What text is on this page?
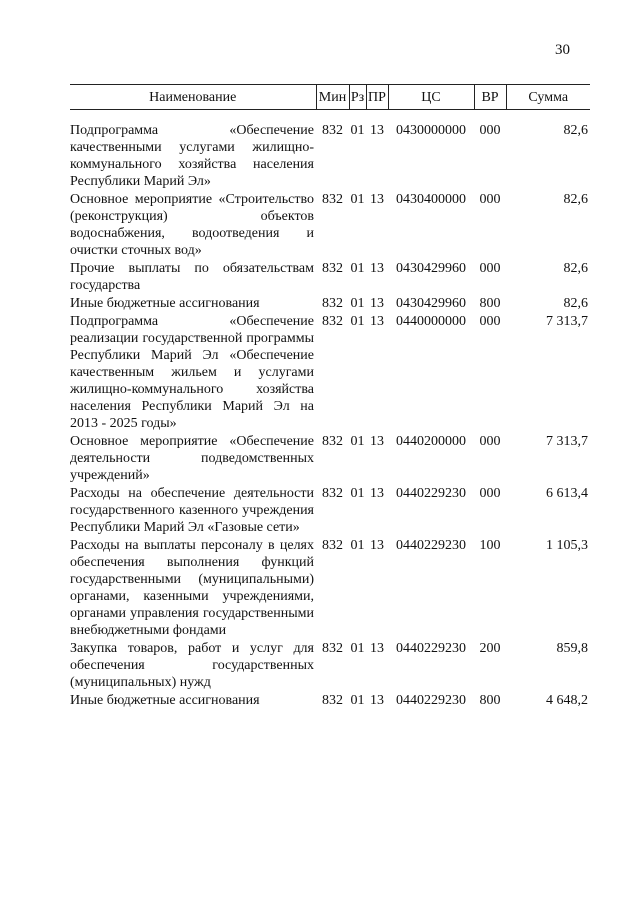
30
Наименование	Мин	Рз	ПР	ЦС	ВР	Сумма

Подпрограмма «Обеспечение качественными услугами жилищно-коммунального хозяйства населения Республики Марий Эл»	832	01	13	0430000000	000	82,6
Основное мероприятие «Строительство (реконструкция) объектов водоснабжения, водоотведения и очистки сточных вод»	832	01	13	0430400000	000	82,6
Прочие выплаты по обязательствам государства	832	01	13	0430429960	000	82,6
Иные бюджетные ассигнования	832	01	13	0430429960	800	82,6
Подпрограмма «Обеспечение реализации государственной программы Республики Марий Эл «Обеспечение качественным жильем и услугами жилищно-коммунального хозяйства населения Республики Марий Эл на 2013 - 2025 годы»	832	01	13	0440000000	000	7 313,7
Основное мероприятие «Обеспечение деятельности подведомственных учреждений»	832	01	13	0440200000	000	7 313,7
Расходы на обеспечение деятельности государственного казенного учреждения Республики Марий Эл «Газовые сети»	832	01	13	0440229230	000	6 613,4
Расходы на выплаты персоналу в целях обеспечения выполнения функций государственными (муниципальными) органами, казенными учреждениями, органами управления государственными внебюджетными фондами	832	01	13	0440229230	100	1 105,3
Закупка товаров, работ и услуг для обеспечения государственных (муниципальных) нужд	832	01	13	0440229230	200	859,8
Иные бюджетные ассигнования	832	01	13	0440229230	800	4 648,2
